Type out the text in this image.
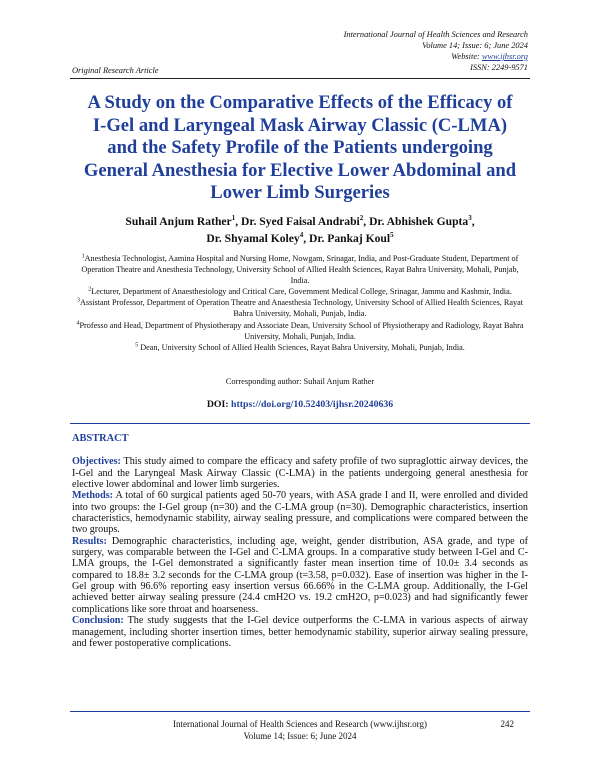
International Journal of Health Sciences and Research
Volume 14; Issue: 6; June 2024
Website: www.ijhsr.org
ISSN: 2249-9571
Original Research Article
A Study on the Comparative Effects of the Efficacy of
I-Gel and Laryngeal Mask Airway Classic (C-LMA)
and the Safety Profile of the Patients undergoing
General Anesthesia for Elective Lower Abdominal and
Lower Limb Surgeries
Suhail Anjum Rather$^1$, Dr. Syed Faisal Andrabi$^2$, Dr. Abhishek Gupta$^3$,
Dr. Shyamal Koley$^4$, Dr. Pankaj Koul$^5$

$^1$Anesthesia Technologist, Aamina Hospital and Nursing Home, Nowgam, Srinagar, India, and Post-Graduate Student, Department of Operation Theatre and Anesthesia Technology, University School of Allied Health Sciences, Rayat Bahra University, Mohali, Punjab, India.

$^2$Lecturer, Department of Anaesthesiology and Critical Care, Government Medical College, Srinagar, Jammu and Kashmir, India.

$^3$Assistant Professor, Department of Operation Theatre and Anaesthesia Technology, University School of Allied Health Sciences, Rayat Bahra University, Mohali, Punjab, India.

$^4$Professo and Head, Department of Physiotherapy and Associate Dean, University School of Physiotherapy and Radiology, Rayat Bahra University, Mohali, Punjab, India.

$^5$ Dean, University School of Allied Health Sciences, Rayat Bahra University, Mohali, Punjab, India.

Corresponding author: Suhail Anjum Rather
DOI: https://doi.org/10.52403/ijhsr.20240636
ABSTRACT

Objectives: This study aimed to compare the efficacy and safety profile of two supraglottic airway devices, the I-Gel and the Laryngeal Mask Airway Classic (C-LMA) in the patients undergoing general anesthesia for elective lower abdominal and lower limb surgeries.

Methods: A total of 60 surgical patients aged 50-70 years, with ASA grade I and II, were enrolled and divided into two groups: the I-Gel group (n=30) and the C-LMA group (n=30). Demographic characteristics, insertion characteristics, hemodynamic stability, airway sealing pressure, and complications were compared between the two groups.

Results: Demographic characteristics, including age, weight, gender distribution, ASA grade, and type of surgery, was comparable between the I-Gel and C-LMA groups. In a comparative study between I-Gel and C-LMA groups, the I-Gel demonstrated a significantly faster mean insertion time of 10.0± 3.4 seconds as compared to 18.8± 3.2 seconds for the C-LMA group (t=3.58, p=0.032). Ease of insertion was higher in the I-Gel group with 96.6% reporting easy insertion versus 66.66% in the C-LMA group. Additionally, the I-Gel achieved better airway sealing pressure (24.4 cmH2O vs. 19.2 cmH2O, p=0.023) and had significantly fewer complications like sore throat and hoarseness.

Conclusion: The study suggests that the I-Gel device outperforms the C-LMA in various aspects of airway management, including shorter insertion times, better hemodynamic stability, superior airway sealing pressure, and fewer postoperative complications.

International Journal of Health Sciences and Research (www.ijhsr.org)
Volume 14; Issue: 6; June 2024
242
